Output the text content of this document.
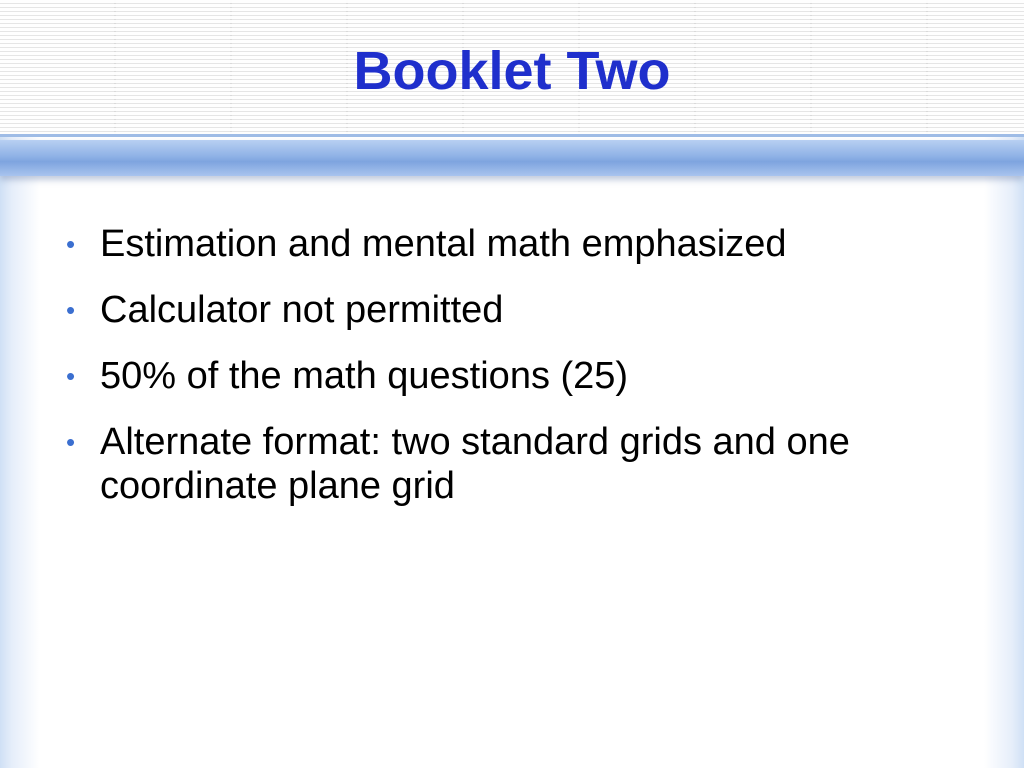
Booklet Two
• Estimation and mental math emphasized
• Calculator not permitted
• 50% of the math questions (25)
• Alternate format: two standard grids and one coordinate plane grid
